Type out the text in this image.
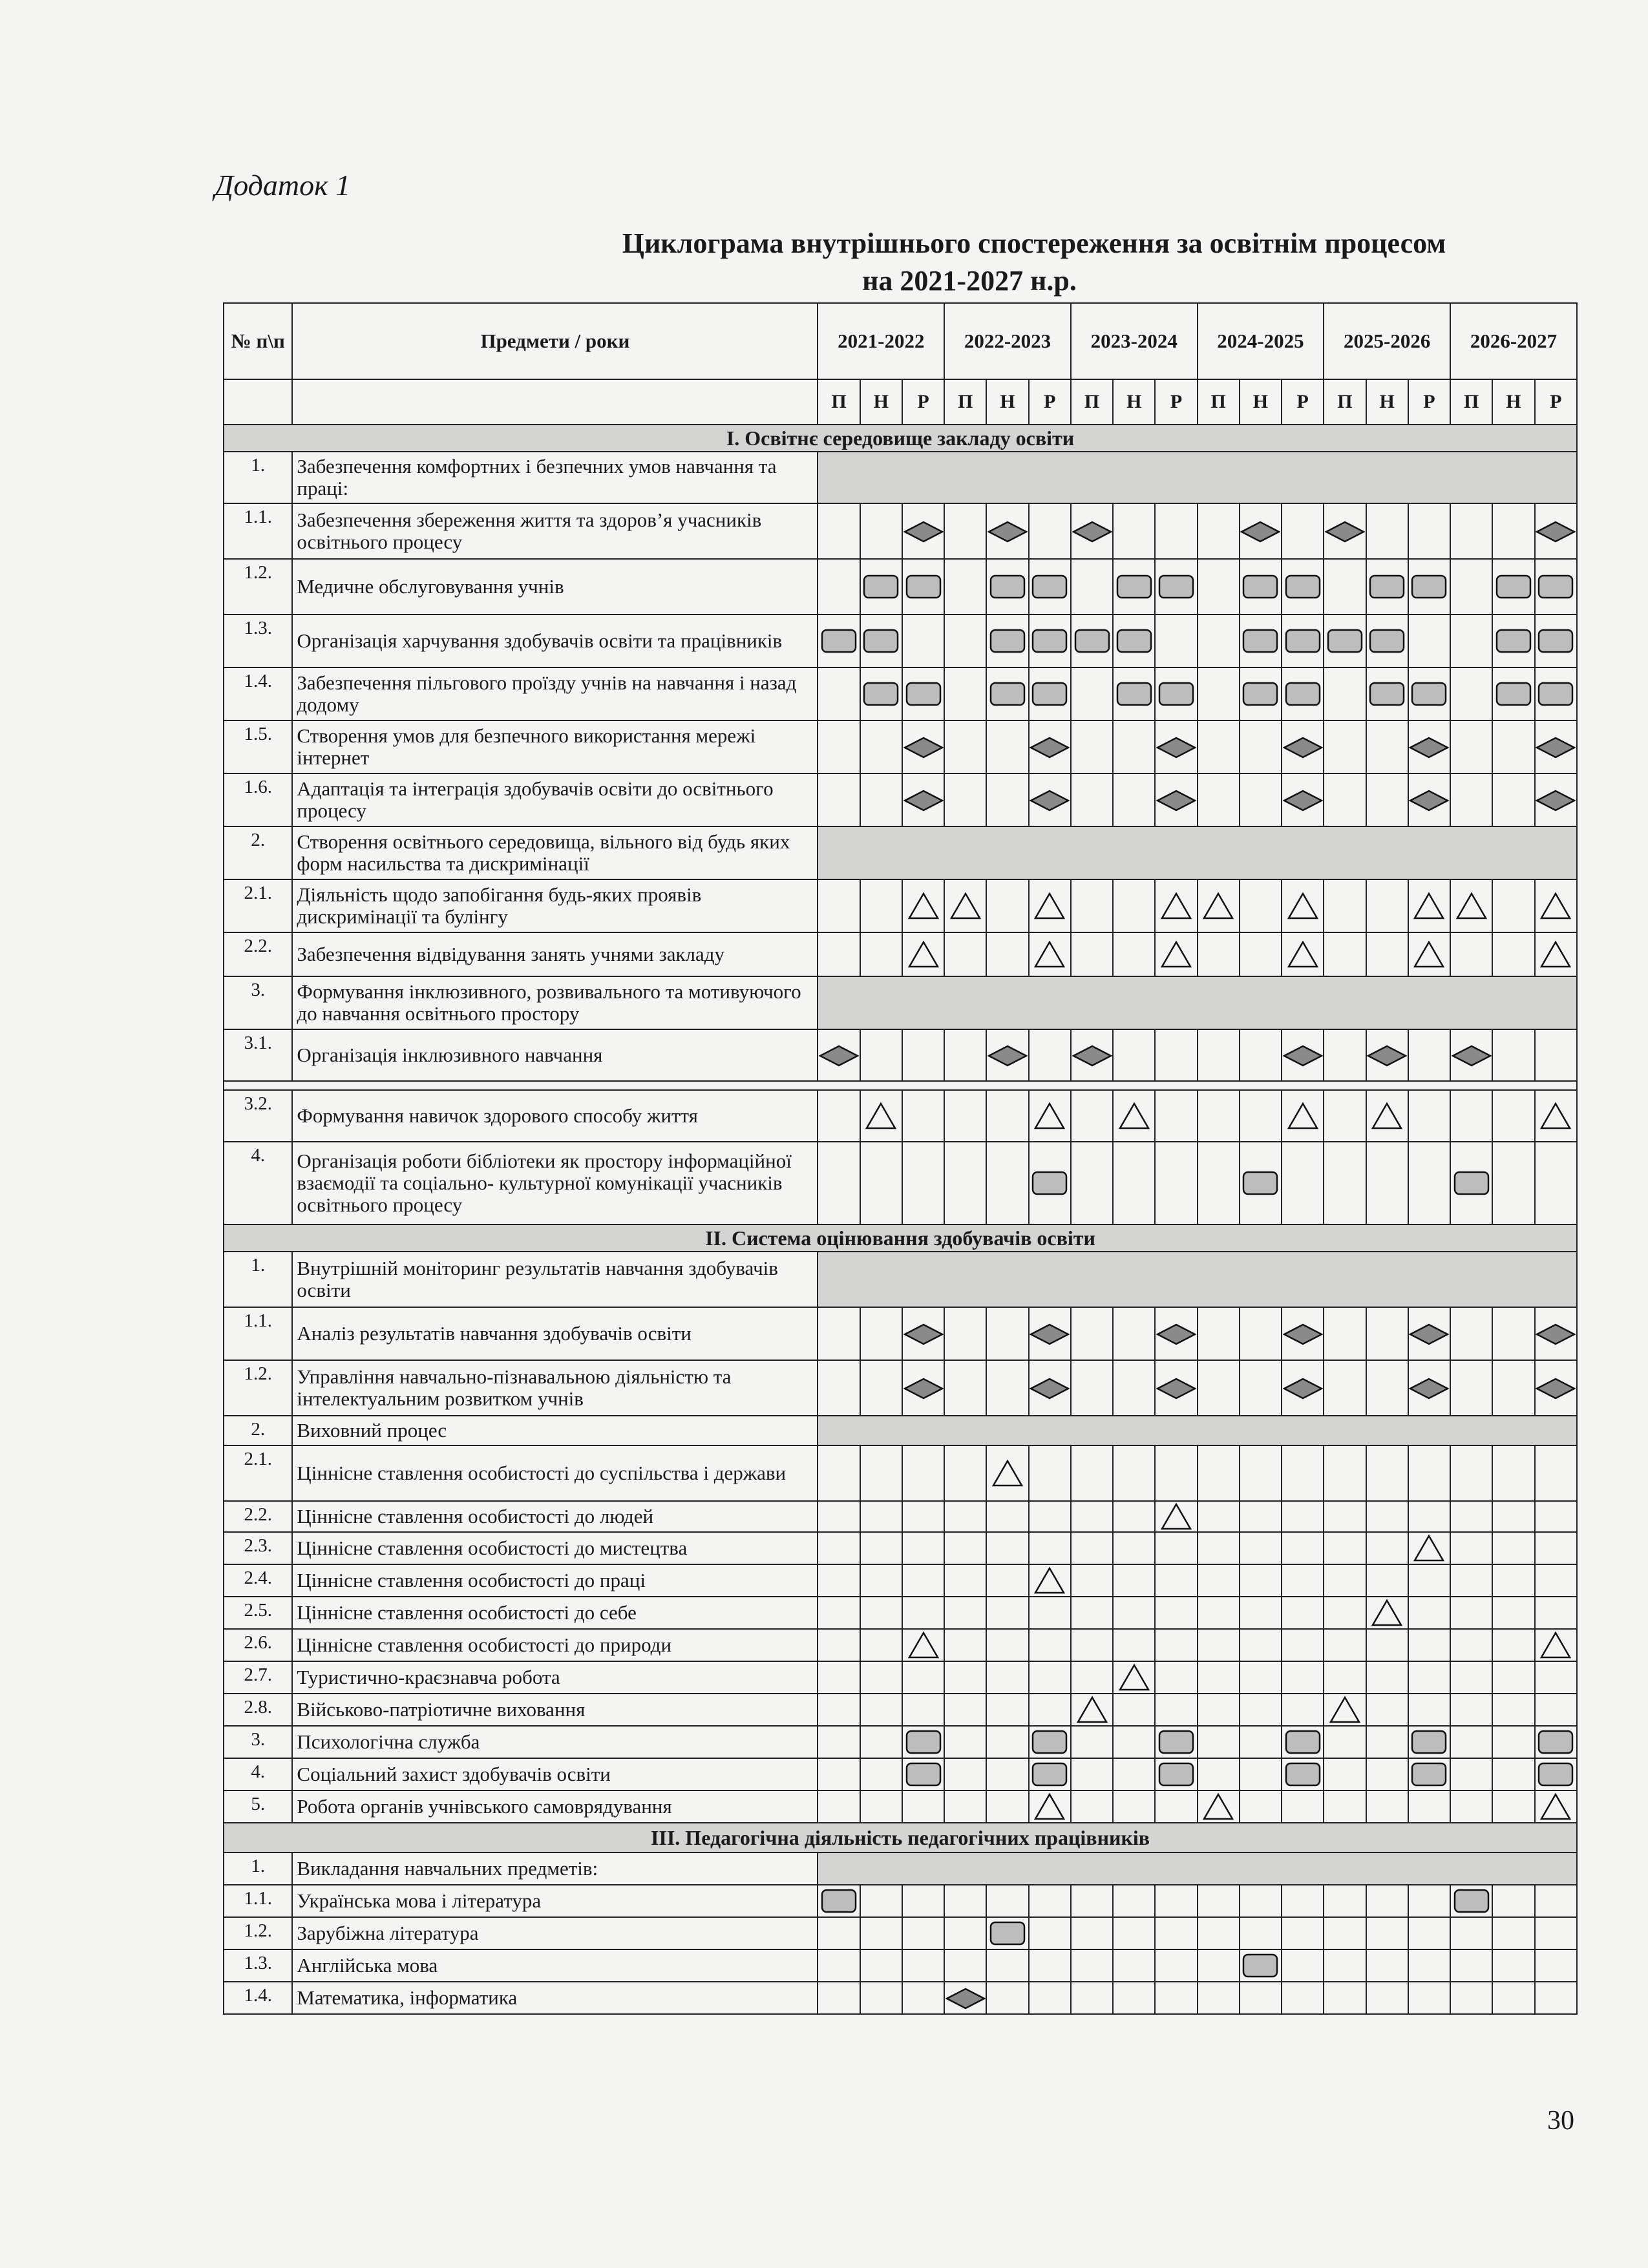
Додаток 1
Циклограма внутрішнього спостереження за освітнім процесом
на 2021-2027 н.р.
№ п\п	Предмети / роки	2021-2022			2022-2023			2023-2024			2024-2025			2025-2026			2026-2027		
		П	Н	Р	П	Н	Р	П	Н	Р	П	Н	Р	П	Н	Р	П	Н	Р
I. Освітнє середовище закладу освіти																			
1.	Забезпечення комфортних і безпечних умов навчання та праці:																		
1.1.	Забезпечення збереження життя та здоров’я учасників освітнього процесу			

1.2.	Медичне обслуговування учнів		

1.3.	Організація харчування здобувачів освіти та працівників	

1.4.	Забезпечення пільгового проїзду учнів на навчання і назад додому		

1.5.	Створення умов для безпечного використання мережі інтернет			

1.6.	Адаптація та інтеграція здобувачів освіти до освітнього процесу			

2.	Створення освітнього середовища, вільного від будь яких форм насильства та дискримінації																		
2.1.	Діяльність щодо запобігання будь-яких проявів дискримінації та булінгу			

2.2.	Забезпечення відвідування занять учнями закладу			

3.	Формування інклюзивного, розвивального та мотивуючого до навчання освітнього простору																		
3.1.	Організація інклюзивного навчання	

3.2.	Формування навичок здорового способу життя		

4.	Організація роботи бібліотеки як простору інформаційної взаємодії та соціально- культурної комунікації учасників освітнього процесу						

II. Система оцінювання здобувачів освіти																			
1.	Внутрішній моніторинг результатів навчання здобувачів освіти																		
1.1.	Аналіз результатів навчання здобувачів освіти			

1.2.	Управління навчально-пізнавальною діяльністю та інтелектуальним розвитком учнів			

2.	Виховний процес																		
2.1.	Ціннісне ставлення особистості до суспільства і держави					

2.2.	Ціннісне ставлення особистості до людей									

2.3.	Ціннісне ставлення особистості до мистецтва															

2.4.	Ціннісне ставлення особистості до праці						

2.5.	Ціннісне ставлення особистості до себе														

2.6.	Ціннісне ставлення особистості до природи			

2.7.	Туристично-краєзнавча робота								

2.8.	Військово-патріотичне виховання							

3.	Психологічна служба			

4.	Соціальний захист здобувачів освіти			

5.	Робота органів учнівського самоврядування						

III. Педагогічна діяльність педагогічних працівників																			
1.	Викладання навчальних предметів:																		
1.1.	Українська мова і література	

1.2.	Зарубіжна література					

1.3.	Англійська мова											

1.4.	Математика, інформатика				

30
